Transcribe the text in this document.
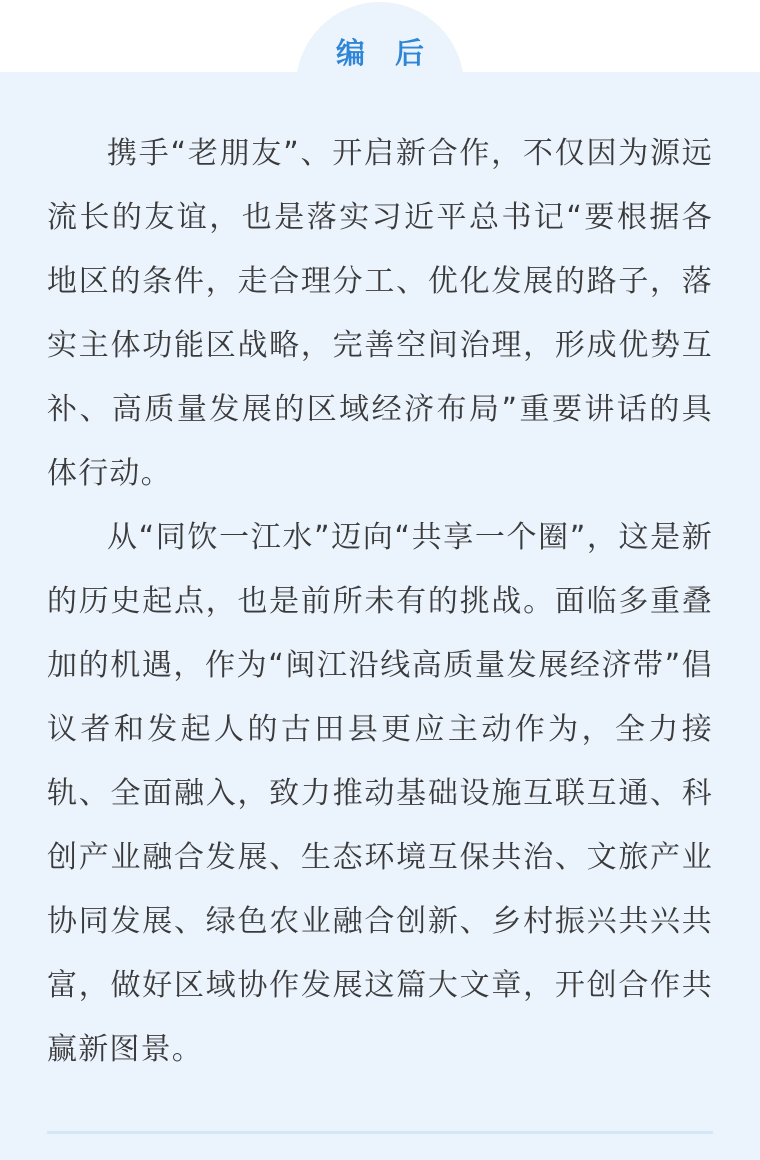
编 后

携手“老朋友”、开启新合作，不仅因为源远流长的友谊，也是落实习近平总书记“要根据各地区的条件，走合理分工、优化发展的路子，落实主体功能区战略，完善空间治理，形成优势互补、高质量发展的区域经济布局”重要讲话的具体行动。

从“同饮一江水”迈向“共享一个圈”，这是新的历史起点，也是前所未有的挑战。面临多重叠加的机遇，作为“闽江沿线高质量发展经济带”倡议者和发起人的古田县更应主动作为，全力接轨、全面融入，致力推动基础设施互联互通、科创产业融合发展、生态环境互保共治、文旅产业协同发展、绿色农业融合创新、乡村振兴共兴共富，做好区域协作发展这篇大文章，开创合作共赢新图景。
